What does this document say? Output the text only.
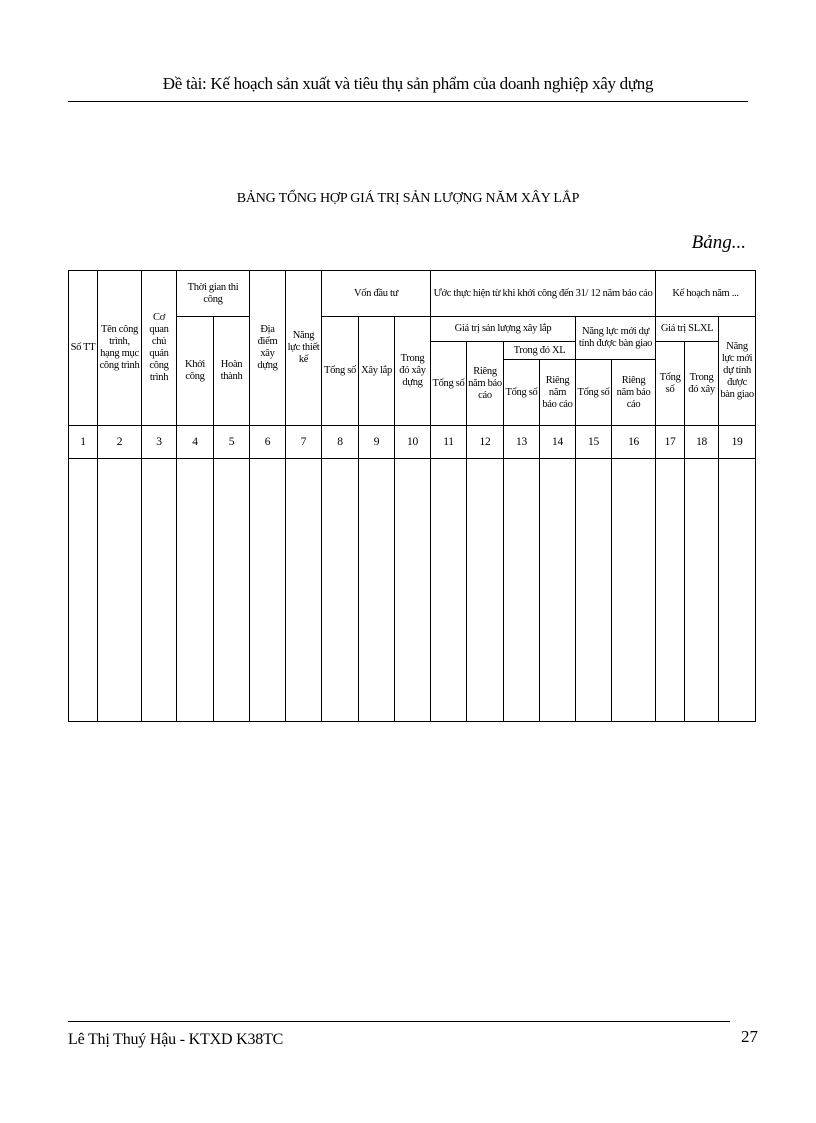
Đề tài: Kế hoạch sản xuất và tiêu thụ sản phẩm của doanh nghiệp xây dựng
BẢNG TỔNG HỢP GIÁ TRỊ SẢN LƯỢNG NĂM XÂY LẮP
Bảng...
Số TT	Tên công trình, hạng mục công trình	Cơ quan chủ quản công trình	Thời gian thi công		Địa điểm xây dựng	Năng lực thiết kế	Vốn đầu tư			Ước thực hiện từ khi khởi công đến 31/ 12 năm báo cáo						Kế hoạch năm ...		
			Khởi công	Hoàn thành			Tổng số	Xây lắp	Trong đó xây dựng	Giá trị sản lượng xây lắp				Năng lực mới dự tính được bàn giao		Giá trị SLXL		Năng lực mới dự tính được bàn giao
										Tổng số	Riêng năm báo cáo	Trong đó XL				Tổng số	Trong đó xây	
												Tổng số	Riêng năm báo cáo	Tổng số	Riêng năm báo cáo			
1	2	3	4	5	6	7	8	9	10	11	12	13	14	15	16	17	18	19

Lê Thị Thuý Hậu - KTXD K38TC	27
